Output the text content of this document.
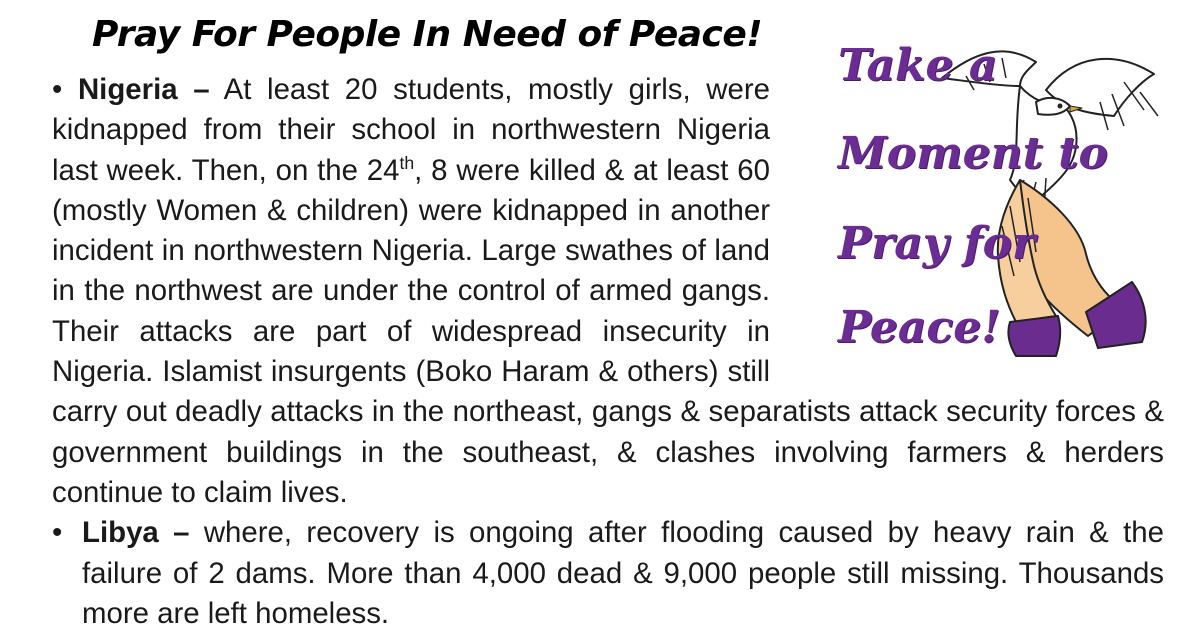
Pray For People In Need of Peace!

• Nigeria – At least 20 students, mostly girls, were kidnapped from their school in northwestern Nigeria last week. Then, on the 24th, 8 were killed & at least 60 (mostly Women & children) were kidnapped in another incident in northwestern Nigeria. Large swathes of land in the northwest are under the control of armed gangs. Their attacks are part of widespread insecurity in Nigeria. Islamist insurgents (Boko Haram & others) still carry out deadly attacks in the northeast, gangs & separatists attack security forces & government buildings in the southeast, & clashes involving farmers & herders continue to claim lives.

• Libya – where, recovery is ongoing after flooding caused by heavy rain & the failure of 2 dams. More than 4,000 dead & 9,000 people still missing. Thousands more are left homeless.

Take a
Moment to
Pray for
Peace!
